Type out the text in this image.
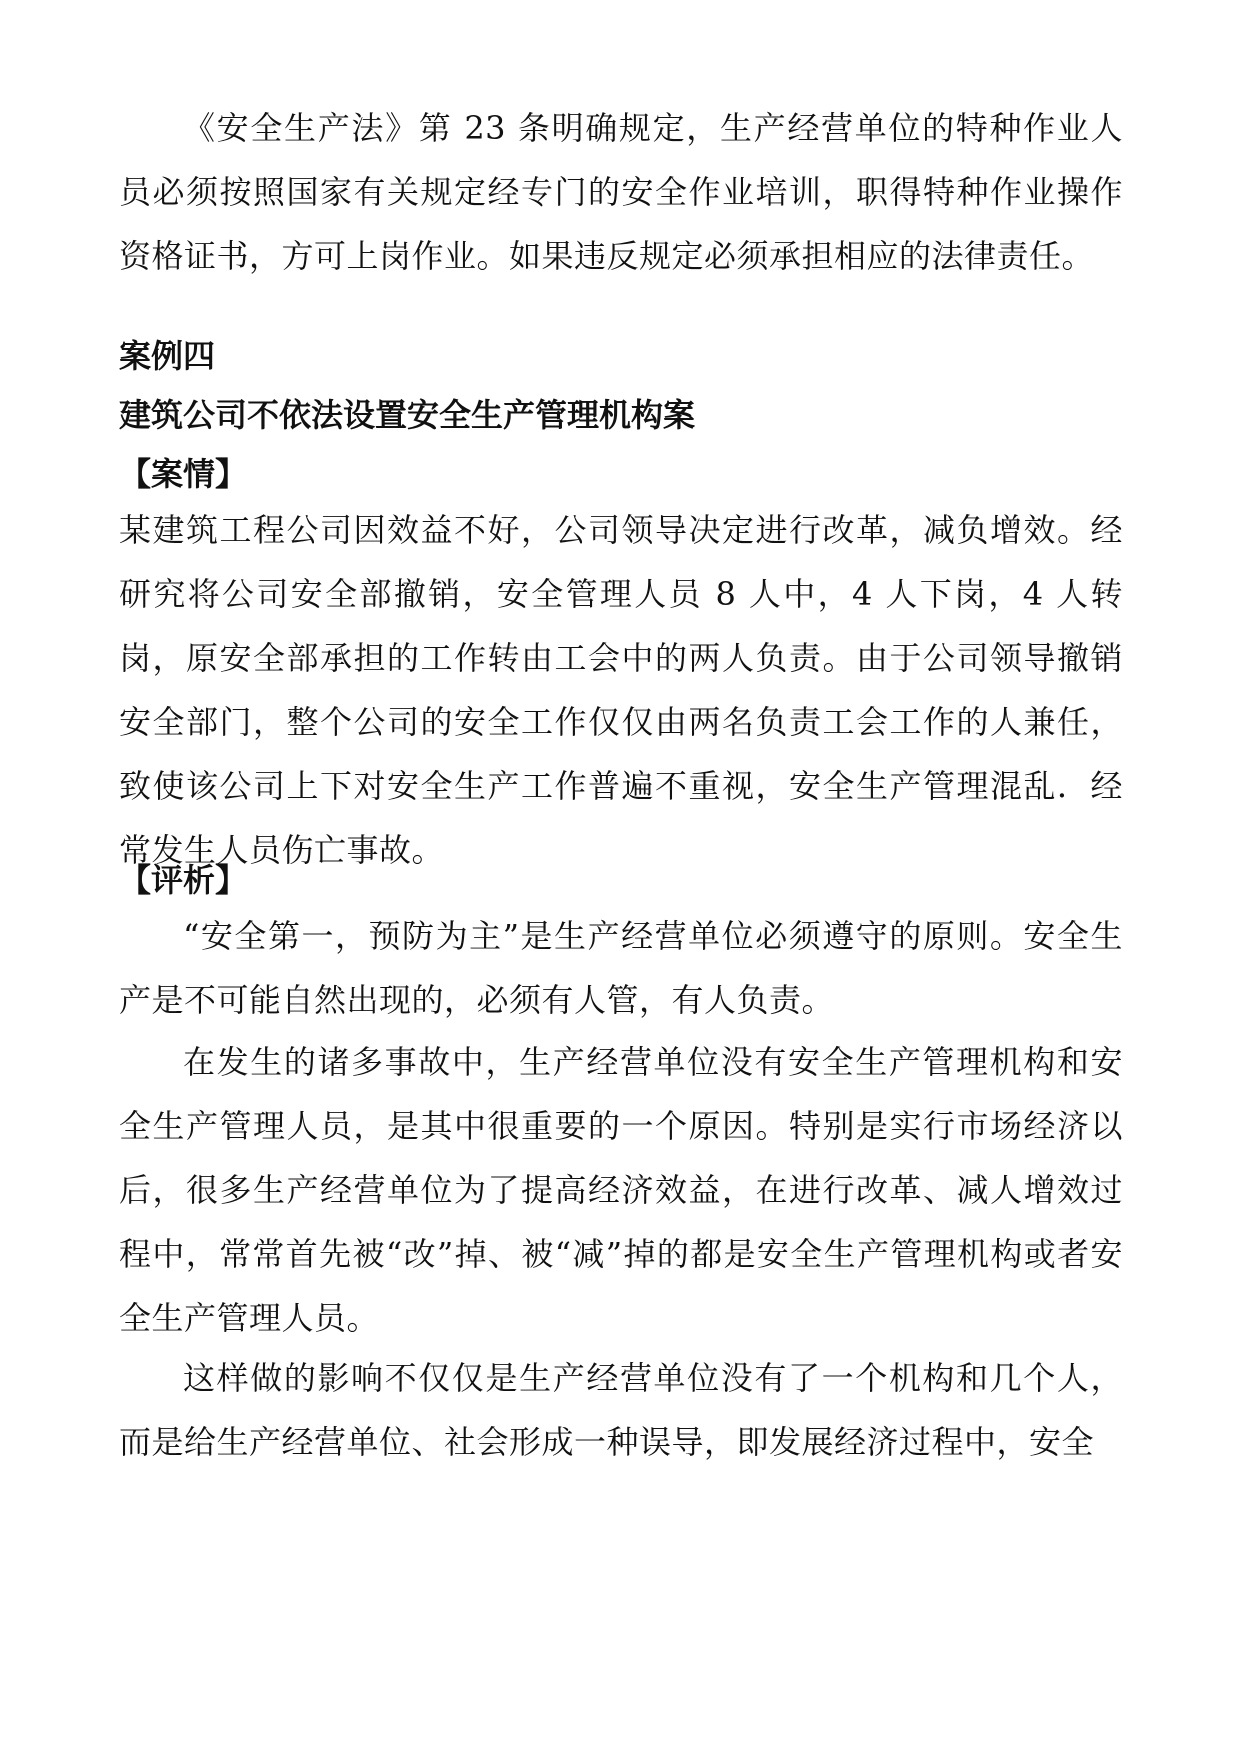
《安全生产法》第 23 条明确规定，生产经营单位的特种作业人员必须按照国家有关规定经专门的安全作业培训，职得特种作业操作资格证书，方可上岗作业。如果违反规定必须承担相应的法律责任。

案例四
建筑公司不依法设置安全生产管理机构案
【案情】

某建筑工程公司因效益不好，公司领导决定进行改革，减负增效。经研究将公司安全部撤销，安全管理人员 8 人中，4 人下岗，4 人转岗，原安全部承担的工作转由工会中的两人负责。由于公司领导撤销安全部门，整个公司的安全工作仅仅由两名负责工会工作的人兼任，致使该公司上下对安全生产工作普遍不重视，安全生产管理混乱．经常发生人员伤亡事故。

【评析】

“安全第一，预防为主”是生产经营单位必须遵守的原则。安全生产是不可能自然出现的，必须有人管，有人负责。

在发生的诸多事故中，生产经营单位没有安全生产管理机构和安全生产管理人员，是其中很重要的一个原因。特别是实行市场经济以后，很多生产经营单位为了提高经济效益，在进行改革、减人增效过程中，常常首先被“改”掉、被“减”掉的都是安全生产管理机构或者安全生产管理人员。

这样做的影响不仅仅是生产经营单位没有了一个机构和几个人，而是给生产经营单位、社会形成一种误导，即发展经济过程中，安全
